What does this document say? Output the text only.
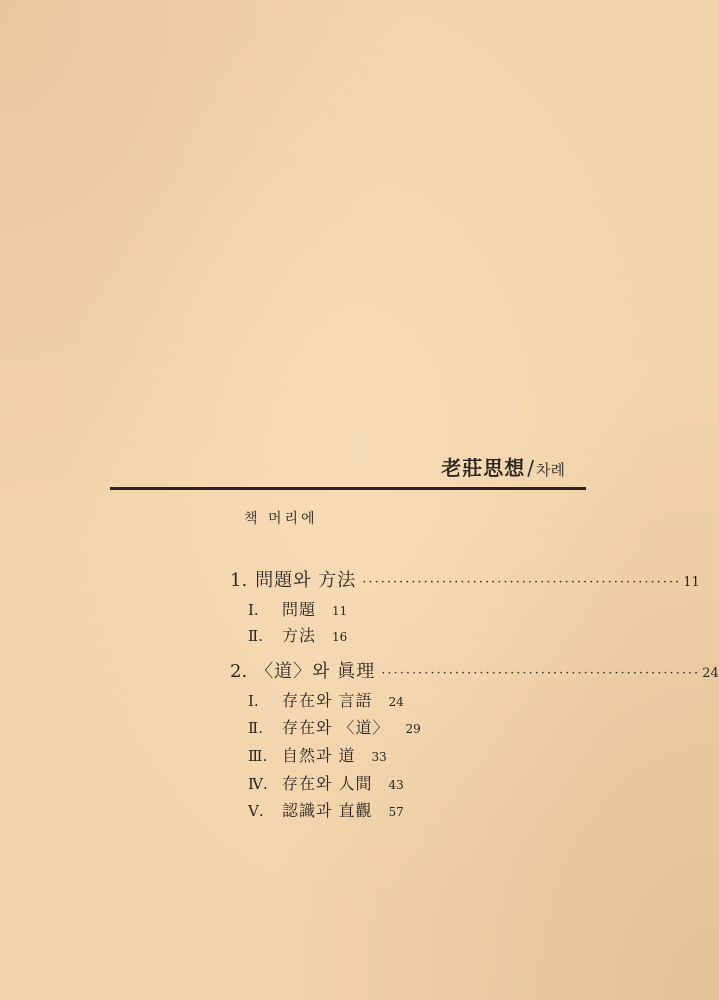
老莊思想 / 차례
책 머리에
1. 問題와 方法 ···················································· 11
Ⅰ.	問題 11
Ⅱ.	方法 16
2. 〈道〉와 眞理 ···················································· 24
Ⅰ.	存在와 言語 24
Ⅱ.	存在와 〈道〉 29
Ⅲ. 自然과 道 33
Ⅳ. 存在와 人間 43
Ⅴ.	認識과 直觀 57
